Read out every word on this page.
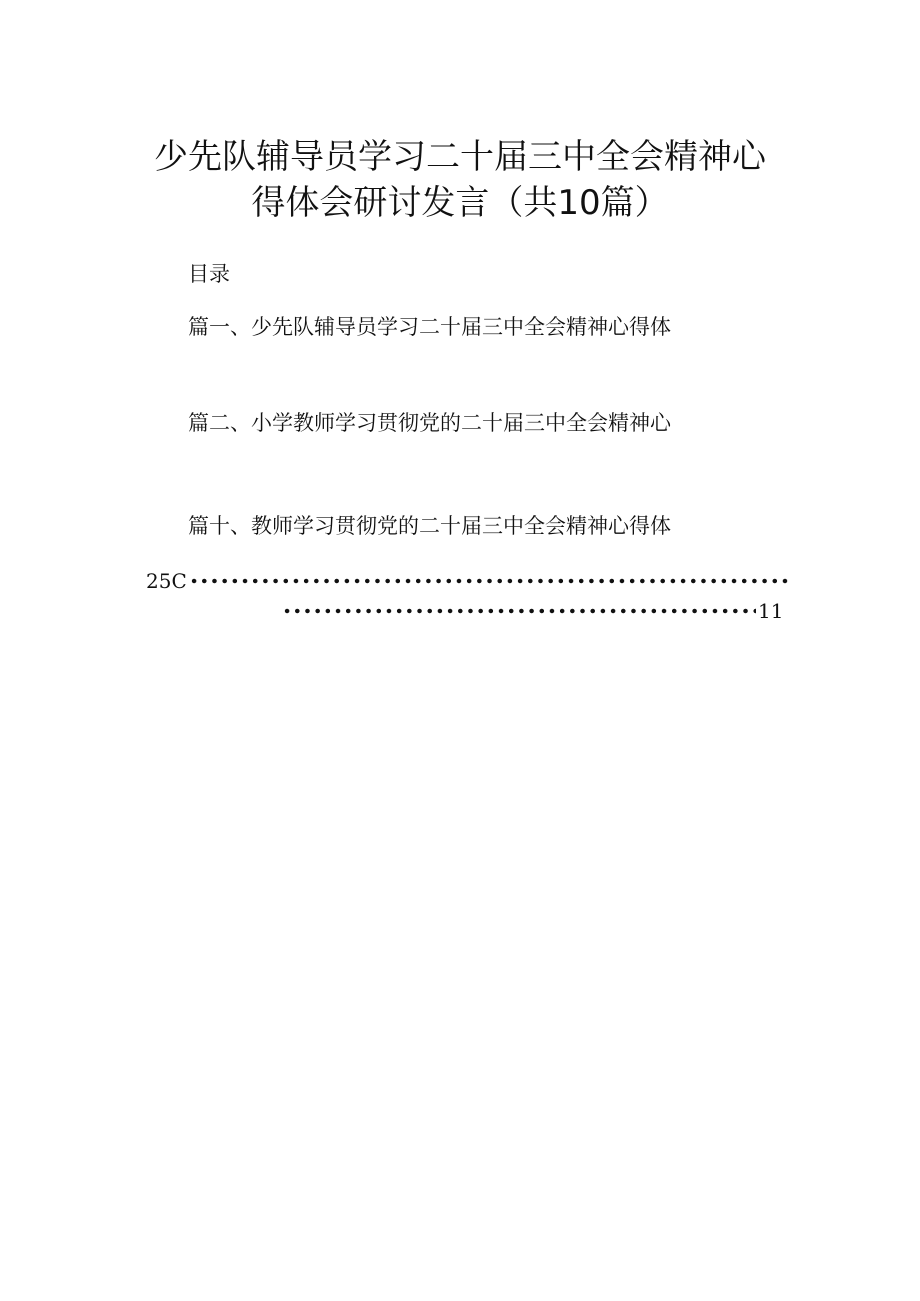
少先队辅导员学习二十届三中全会精神心
得体会研讨发言（共10篇）
目录
篇一、少先队辅导员学习二十届三中全会精神心得体
篇二、小学教师学习贯彻党的二十届三中全会精神心
篇十、教师学习贯彻党的二十届三中全会精神心得体
25C
11
